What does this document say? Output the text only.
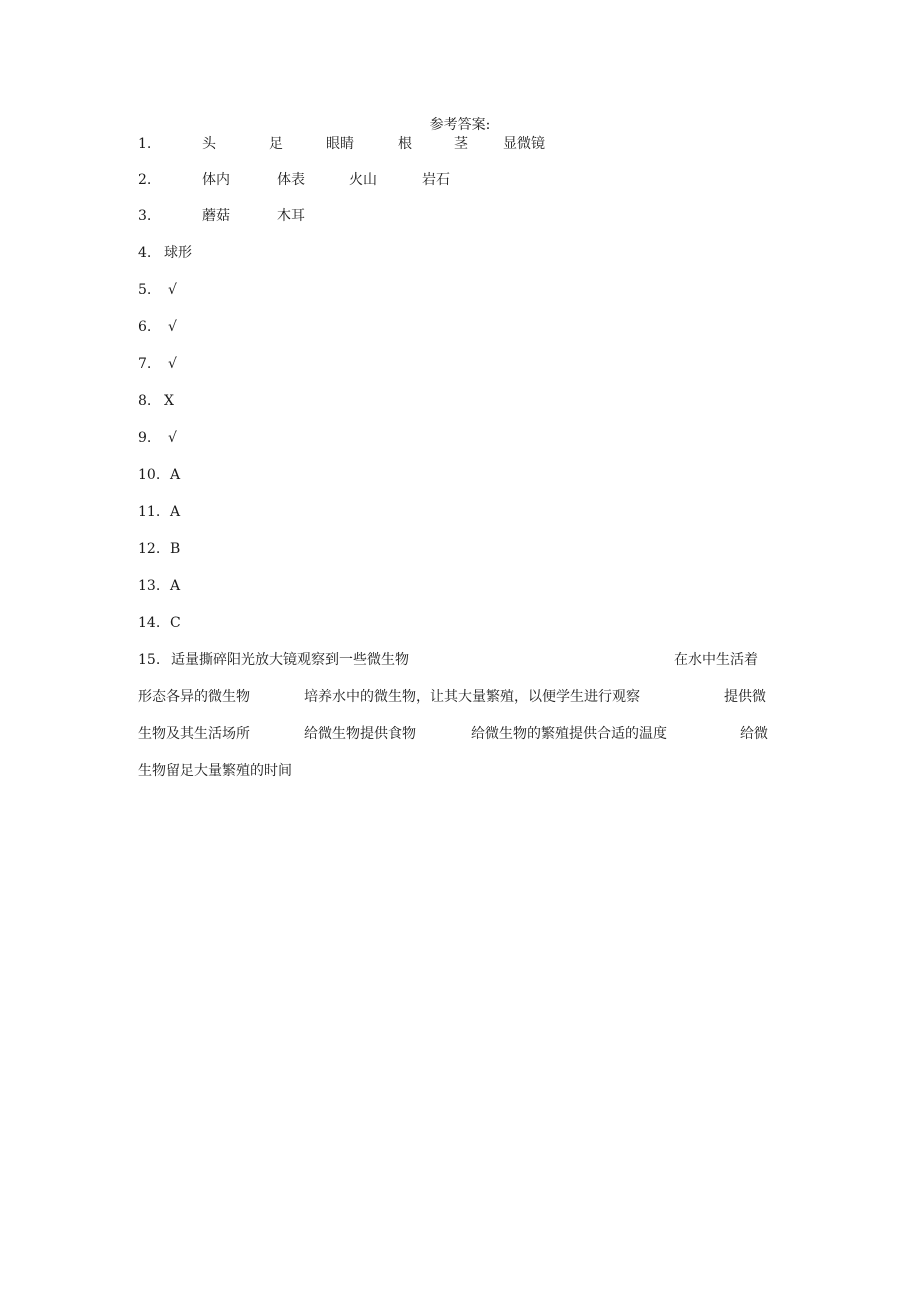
参考答案:
1.	头	足	眼睛	根	茎	显微镜
2.	体内	体表	火山	岩石
3.	蘑菇	木耳
4. 球形
5. √
6. √
7. √
8. X
9. √
10. A
11. A
12. B
13. A
14. C
15. 适量撕碎阳光放大镜观察到一些微生物	在水中生活着
形态各异的微生物	培养水中的微生物，让其大量繁殖，以便学生进行观察	提供微
生物及其生活场所	给微生物提供食物	给微生物的繁殖提供合适的温度	给微
生物留足大量繁殖的时间
